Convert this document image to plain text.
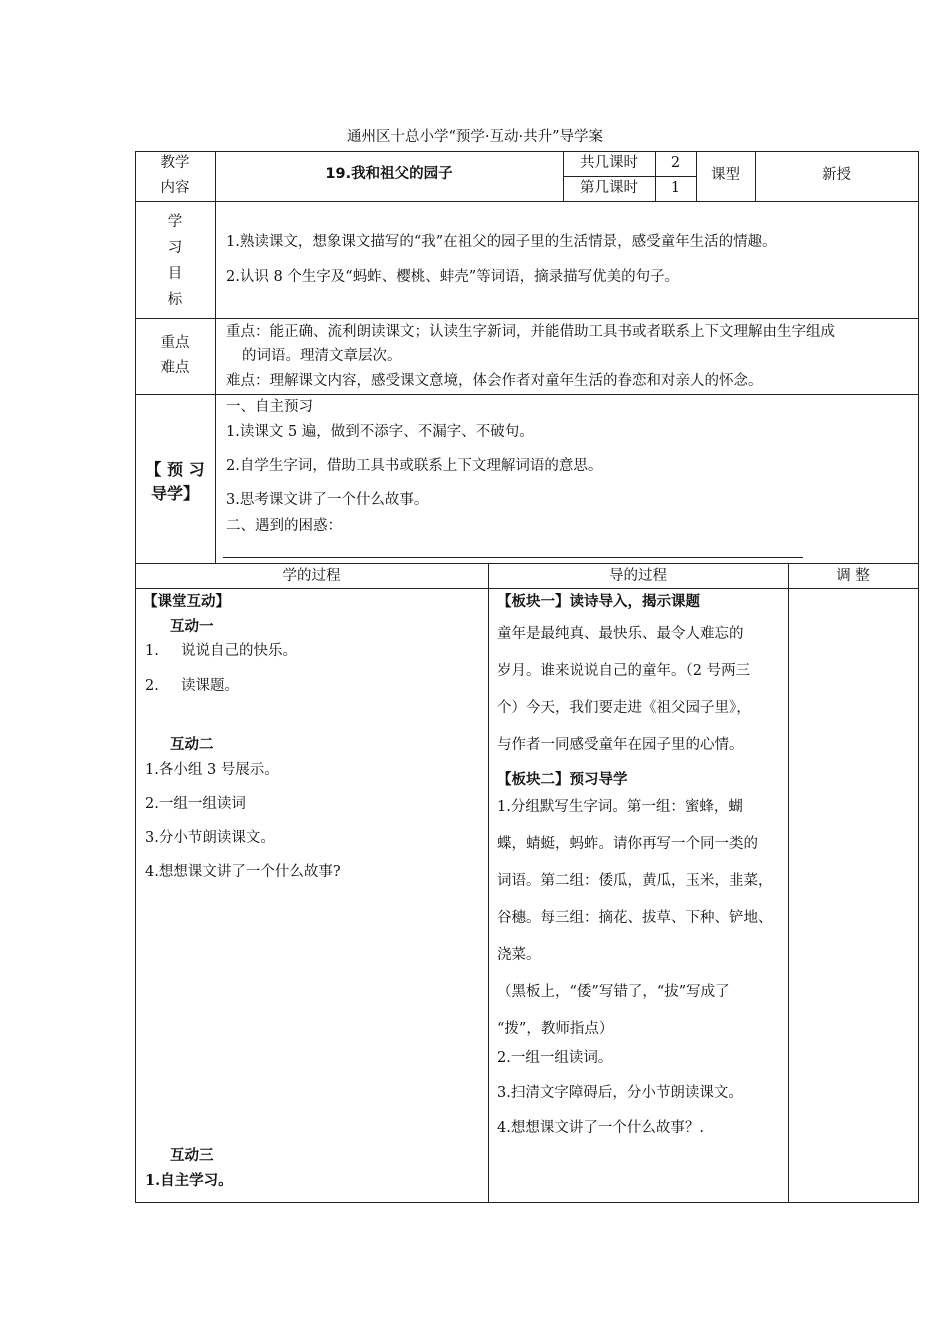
通州区十总小学“预学·互动·共升”导学案
教学
内容
19.我和祖父的园子
共几课时	2
第几课时	1
课型	新授
学
习
目
标
1.熟读课文，想象课文描写的“我”在祖父的园子里的生活情景，感受童年生活的情趣。
2.认识 8 个生字及“蚂蚱、樱桃、蚌壳”等词语，摘录描写优美的句子。
重点
难点
重点：能正确、流利朗读课文；认读生字新词，并能借助工具书或者联系上下文理解由生字组成
的词语。理清文章层次。
难点：理解课文内容，感受课文意境，体会作者对童年生活的眷恋和对亲人的怀念。
【 预 习
导学】
一、自主预习
1.读课文 5 遍，做到不添字、不漏字、不破句。
2.自学生字词，借助工具书或联系上下文理解词语的意思。
3.思考课文讲了一个什么故事。
二、遇到的困惑：
学的过程	导的过程	调 整
【课堂互动】
互动一
1. 说说自己的快乐。
2. 读课题。
互动二
1.各小组 3 号展示。
2.一组一组读词
3.分小节朗读课文。
4.想想课文讲了一个什么故事?
互动三
1.自主学习。
【板块一】读诗导入，揭示课题
童年是最纯真、最快乐、最令人难忘的
岁月。谁来说说自己的童年。（2 号两三
个）今天，我们要走进《祖父园子里》，
与作者一同感受童年在园子里的心情。
【板块二】预习导学
1.分组默写生字词。第一组：蜜蜂，蝴
蝶，蜻蜓，蚂蚱。请你再写一个同一类的
词语。第二组：倭瓜，黄瓜，玉米，韭菜，
谷穗。每三组：摘花、拔草、下种、铲地、
浇菜。
（黑板上，“倭”写错了，“拔”写成了
“拨”，教师指点）
2.一组一组读词。
3.扫清文字障碍后，分小节朗读课文。
4.想想课文讲了一个什么故事？.
